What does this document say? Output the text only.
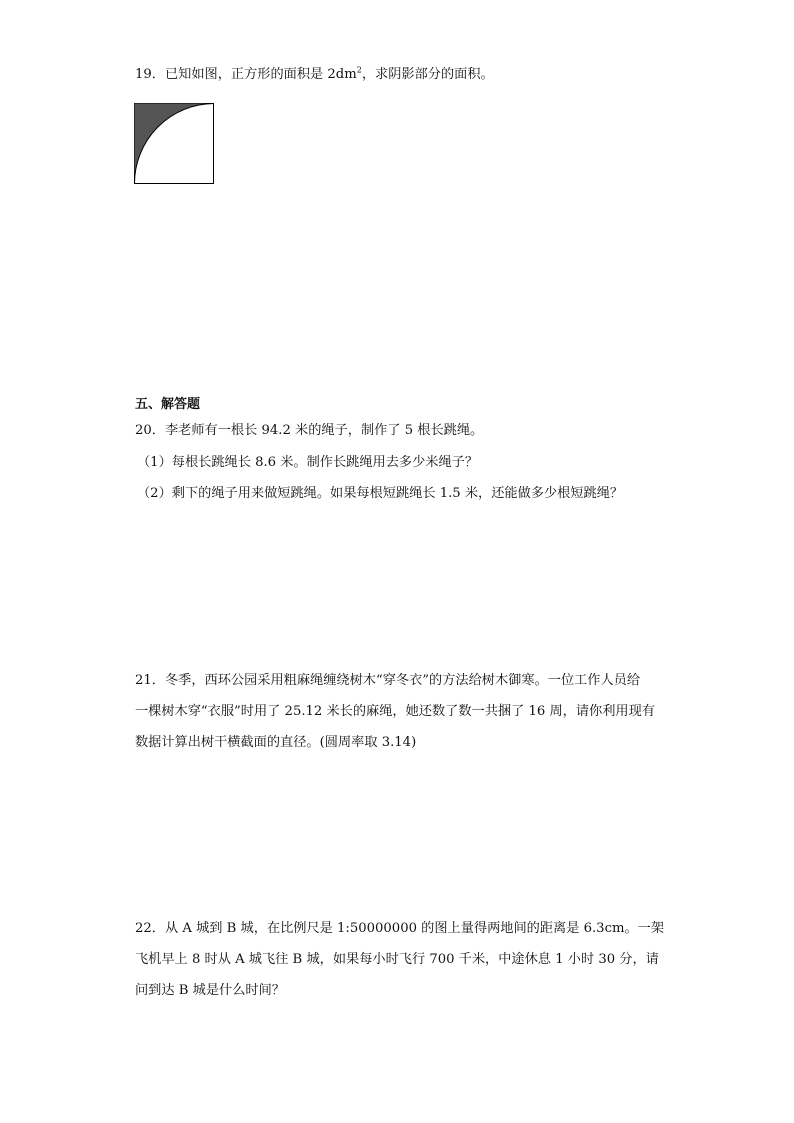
19．已知如图，正方形的面积是 $2dm^2$，求阴影部分的面积。
五、解答题
20．李老师有一根长 94.2 米的绳子，制作了 5 根长跳绳。
（1）每根长跳绳长 8.6 米。制作长跳绳用去多少米绳子？
（2）剩下的绳子用来做短跳绳。如果每根短跳绳长 1.5 米，还能做多少根短跳绳？
21．冬季，西环公园采用粗麻绳缠绕树木“穿冬衣”的方法给树木御寒。一位工作人员给
一棵树木穿“衣服”时用了 25.12 米长的麻绳，她还数了数一共捆了 16 周，请你利用现有
数据计算出树干横截面的直径。(圆周率取 3.14)
22．从 A 城到 B 城，在比例尺是 1:50000000 的图上量得两地间的距离是 6.3cm。一架
飞机早上 8 时从 A 城飞往 B 城，如果每小时飞行 700 千米，中途休息 1 小时 30 分，请
问到达 B 城是什么时间？
